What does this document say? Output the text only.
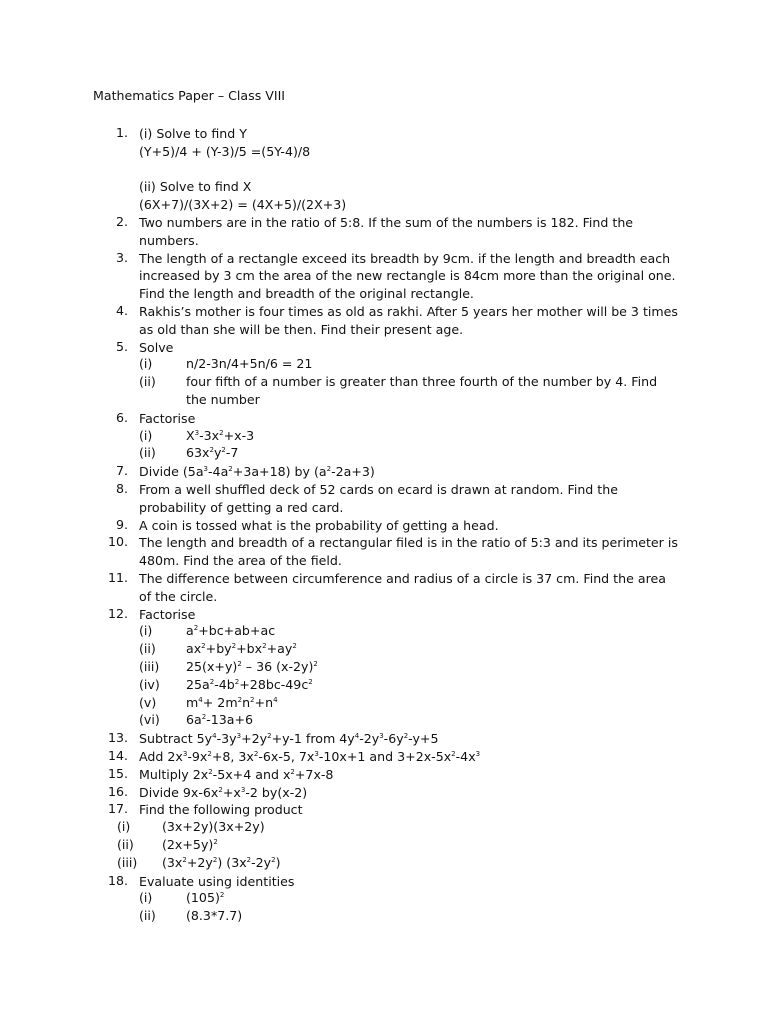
Mathematics Paper – Class VIII
1. (i) Solve to find Y
(Y+5)/4 + (Y-3)/5 =(5Y-4)/8
(ii) Solve to find X
(6X+7)/(3X+2) = (4X+5)/(2X+3)
2. Two numbers are in the ratio of 5:8. If the sum of the numbers is 182. Find the
numbers.
3. The length of a rectangle exceed its breadth by 9cm. if the length and breadth each
increased by 3 cm the area of the new rectangle is 84cm more than the original one.
Find the length and breadth of the original rectangle.
4. Rakhis’s mother is four times as old as rakhi. After 5 years her mother will be 3 times
as old than she will be then. Find their present age.
5. Solve
(i)	n/2-3n/4+5n/6 = 21
(ii) four fifth of a number is greater than three fourth of the number by 4. Find
the number
6. Factorise
(i)	$X^3-3x^2+x-3$
(ii) $63x^2y^2-7$
7. Divide $(5a^3-4a^2+3a+18)$ by $(a^2-2a+3)$
8. From a well shuffled deck of 52 cards on ecard is drawn at random. Find the
probability of getting a red card.
9. A coin is tossed what is the probability of getting a head.
10. The length and breadth of a rectangular filed is in the ratio of 5:3 and its perimeter is
480m. Find the area of the field.
11. The difference between circumference and radius of a circle is 37 cm. Find the area
of the circle.
12. Factorise
(i)	$a^2+bc+ab+ac$
(ii) $ax^2+by^2+bx^2+ay^2$
(iii) $25(x+y)^2 - 36$ $(x-2y)^2$
(iv) $25a^2-4b^2+28bc-49c^2$
(v) $m^4+ 2m^2n^2+n^4$
(vi) $6a^2-13a+6$
13. Subtract $5y^4-3y^3+2y^2+y-1$ from $4y^4-2y^3-6y^2-y+5$
14. Add $2x^3-9x^2+8$, $3x^2-6x-5$, $7x^3-10x+1$ and $3+2x-5x^2-4x^3$
15. Multiply $2x^2-5x+4$ and $x^2+7x-8$
16. Divide $9x-6x^2+x^3-2$ by(x-2)
17. Find the following product
(i)	(3x+2y)(3x+2y)
(ii) $(2x+5y)^2$
(iii) $(3x^2+2y^2)$ $(3x^2-2y^2)$
18. Evaluate using identities
(i)	$(105)^2$
(ii) (8.3*7.7)
